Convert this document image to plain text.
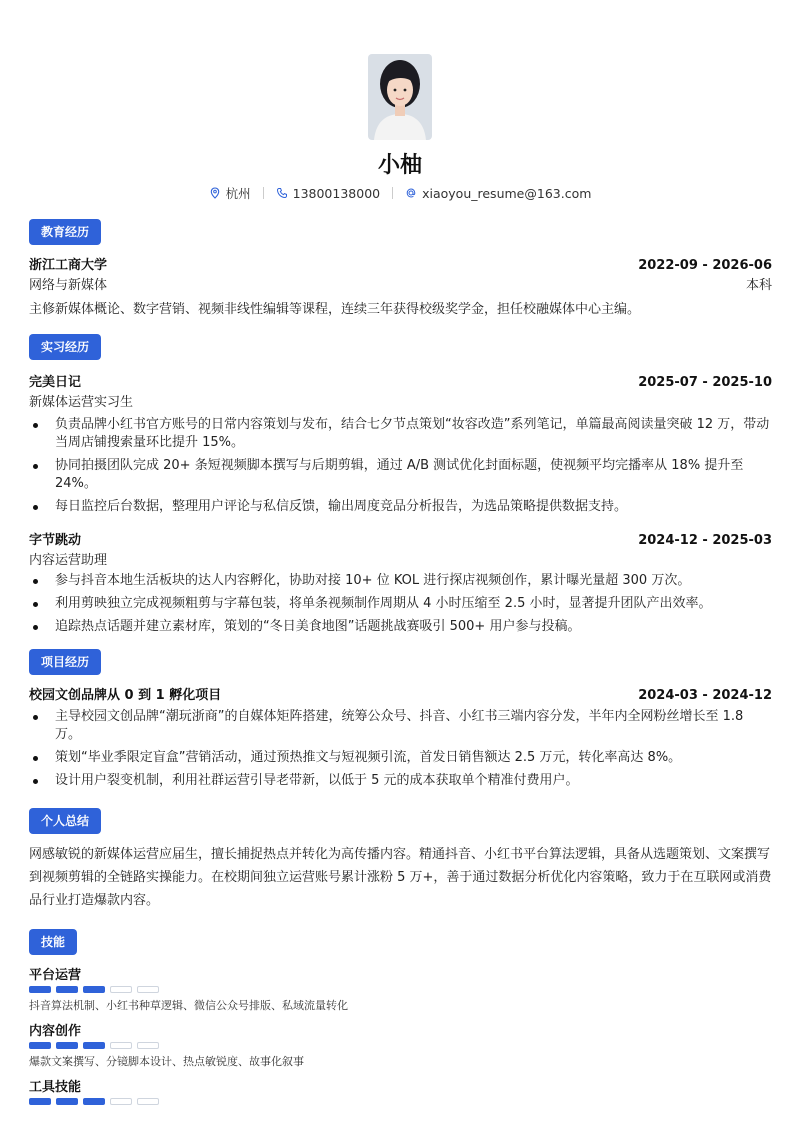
小柚
杭州	13800138000	xiaoyou_resume@163.com
教育经历
浙江工商大学	2022-09 - 2026-06
网络与新媒体	本科
主修新媒体概论、数字营销、视频非线性编辑等课程，连续三年获得校级奖学金，担任校融媒体中心主编。
实习经历
完美日记	2025-07 - 2025-10
新媒体运营实习生
负责品牌小红书官方账号的日常内容策划与发布，结合七夕节点策划“妆容改造”系列笔记，单篇最高阅读量突破 12 万，带动当周店铺搜索量环比提升 15%。
协同拍摄团队完成 20+ 条短视频脚本撰写与后期剪辑，通过 A/B 测试优化封面标题，使视频平均完播率从 18% 提升至 24%。
每日监控后台数据，整理用户评论与私信反馈，输出周度竞品分析报告，为选品策略提供数据支持。
字节跳动	2024-12 - 2025-03
内容运营助理
参与抖音本地生活板块的达人内容孵化，协助对接 10+ 位 KOL 进行探店视频创作，累计曝光量超 300 万次。
利用剪映独立完成视频粗剪与字幕包装，将单条视频制作周期从 4 小时压缩至 2.5 小时，显著提升团队产出效率。
追踪热点话题并建立素材库，策划的“冬日美食地图”话题挑战赛吸引 500+ 用户参与投稿。
项目经历
校园文创品牌从 0 到 1 孵化项目	2024-03 - 2024-12
主导校园文创品牌“潮玩浙商”的自媒体矩阵搭建，统筹公众号、抖音、小红书三端内容分发，半年内全网粉丝增长至 1.8 万。
策划“毕业季限定盲盒”营销活动，通过预热推文与短视频引流，首发日销售额达 2.5 万元，转化率高达 8%。
设计用户裂变机制，利用社群运营引导老带新，以低于 5 元的成本获取单个精准付费用户。
个人总结
网感敏锐的新媒体运营应届生，擅长捕捉热点并转化为高传播内容。精通抖音、小红书平台算法逻辑，具备从选题策划、文案撰写到视频剪辑的全链路实操能力。在校期间独立运营账号累计涨粉 5 万+，善于通过数据分析优化内容策略，致力于在互联网或消费品行业打造爆款内容。
技能
平台运营
抖音算法机制、小红书种草逻辑、微信公众号排版、私域流量转化
内容创作
爆款文案撰写、分镜脚本设计、热点敏锐度、故事化叙事
工具技能
